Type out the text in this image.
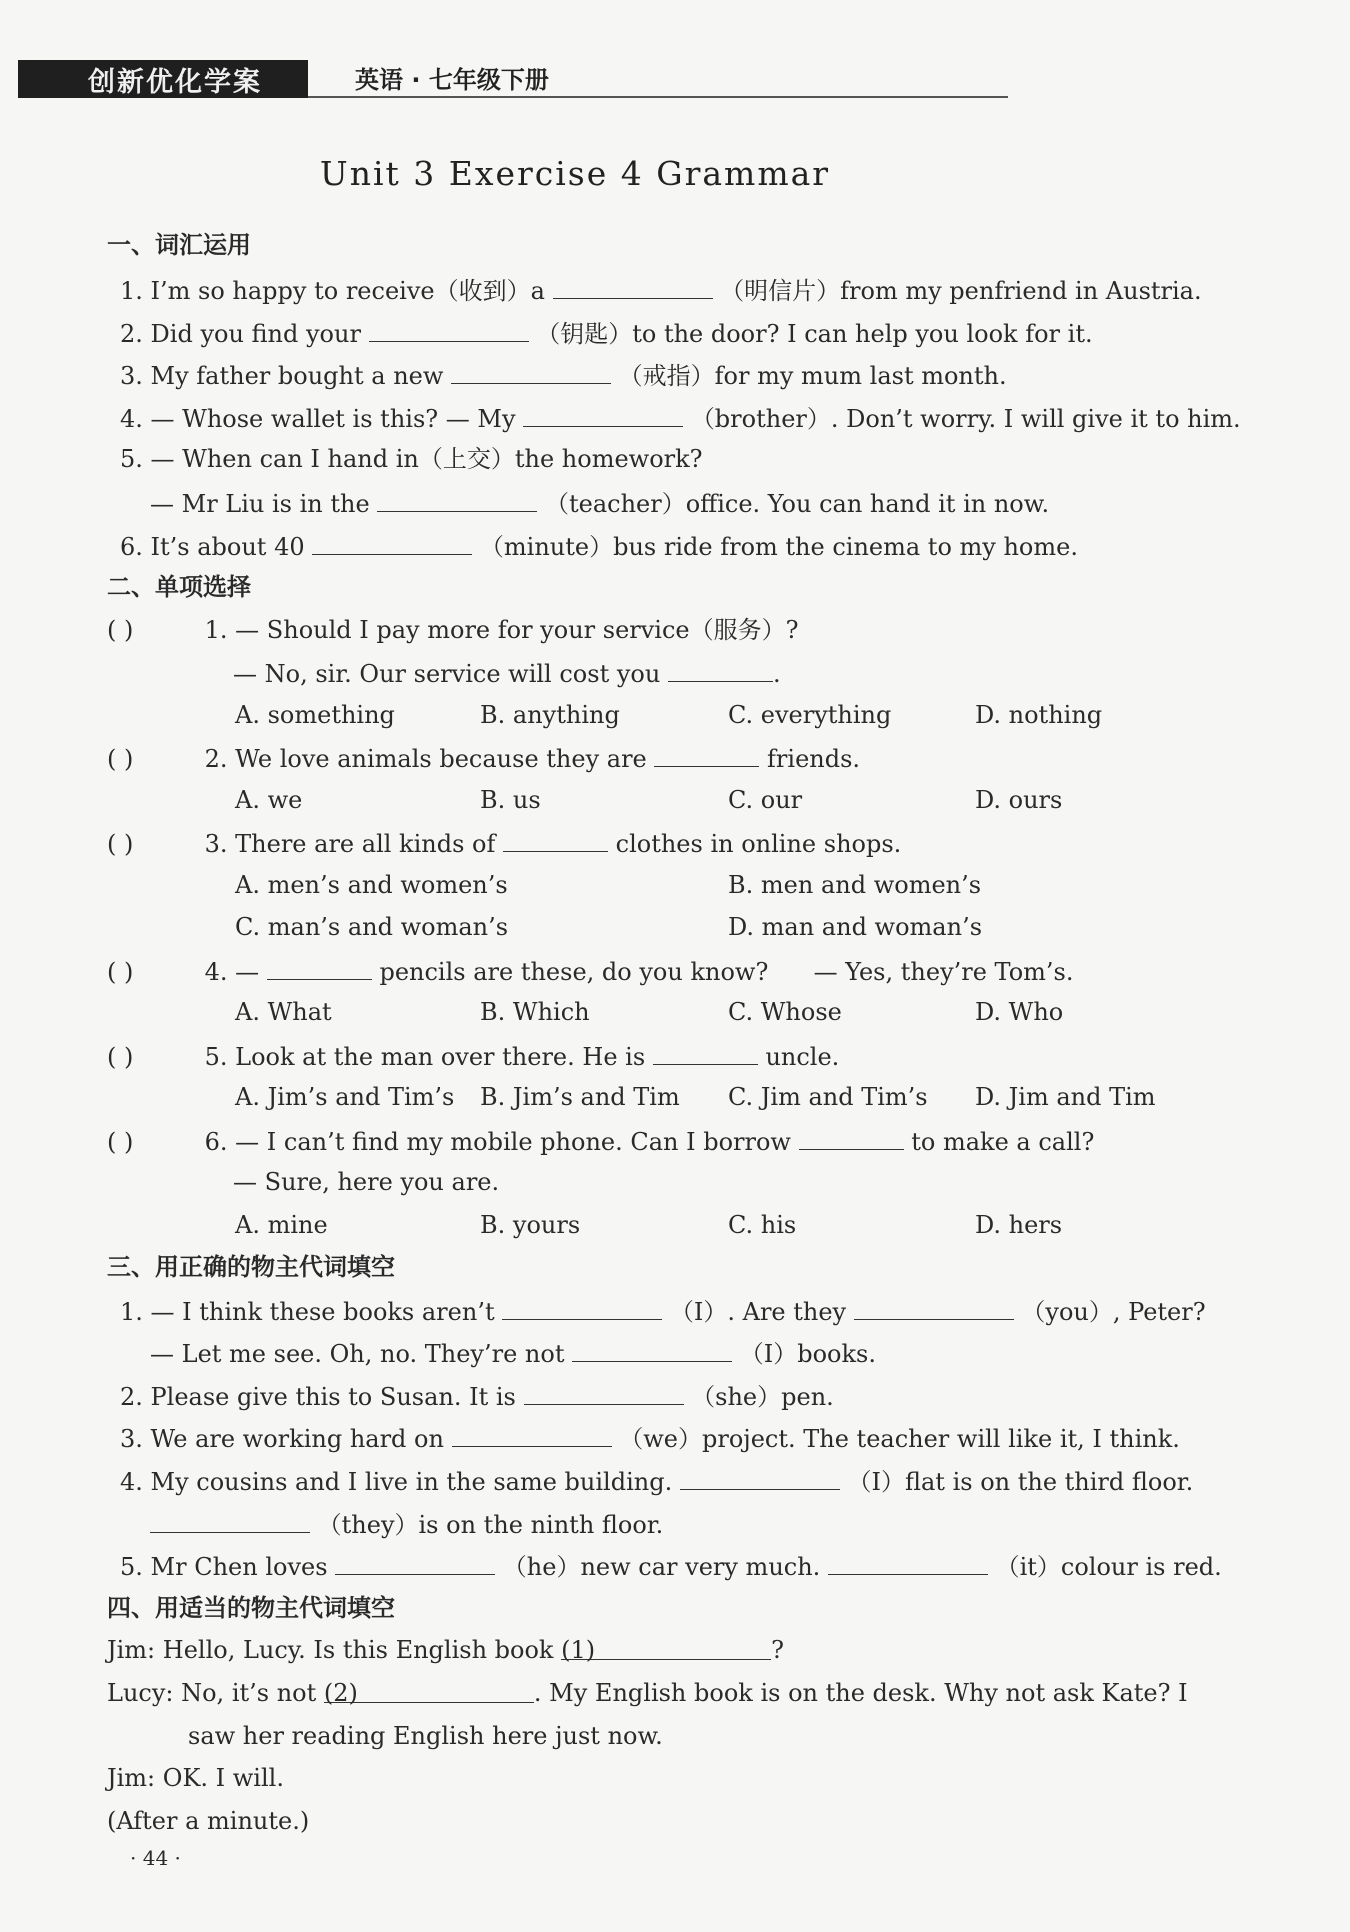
创新优化学案	英语 · 七年级下册
Unit 3 Exercise 4 Grammar
一、词汇运用
1. I’m so happy to receive（收到）a	（明信片）from my penfriend in Austria.
2. Did you find your	（钥匙）to the door? I can help you look for it.
3. My father bought a new	（戒指）for my mum last month.
4. — Whose wallet is this? — My	（brother）. Don’t worry. I will give it to him.
5. — When can I hand in（上交）the homework?
— Mr Liu is in the	（teacher）office. You can hand it in now.
6. It’s about 40	（minute）bus ride from the cinema to my home.
二、单项选择
( )	1. — Should I pay more for your service（服务）?
— No, sir. Our service will cost you	.
A. something	B. anything	C. everything	D. nothing
( )	2. We love animals because they are	friends.
A. we	B. us	C. our	D. ours
( )	3. There are all kinds of	clothes in online shops.
A. men’s and women’s	B. men and women’s
C. man’s and woman’s	D. man and woman’s
( )	4. —	pencils are these, do you know? — Yes, they’re Tom’s.
A. What	B. Which	C. Whose	D. Who
( )	5. Look at the man over there. He is	uncle.
A. Jim’s and Tim’s B. Jim’s and Tim C. Jim and Tim’s D. Jim and Tim
( )	6. — I can’t find my mobile phone. Can I borrow	to make a call?
— Sure, here you are.
A. mine	B. yours	C. his	D. hers
三、用正确的物主代词填空
1. — I think these books aren’t	（I）. Are they	（you）, Peter?
— Let me see. Oh, no. They’re not	（I）books.
2. Please give this to Susan. It is	（she）pen.
3. We are working hard on	（we）project. The teacher will like it, I think.
4. My cousins and I live in the same building.	（I）flat is on the third floor.
（they）is on the ninth floor.
5. Mr Chen loves	（he）new car very much.	（it）colour is red.
四、用适当的物主代词填空
Jim: Hello, Lucy. Is this English book (1)	?
Lucy: No, it’s not (2)	. My English book is on the desk. Why not ask Kate? I
saw her reading English here just now.
Jim: OK. I will.
(After a minute.)
· 44 ·
